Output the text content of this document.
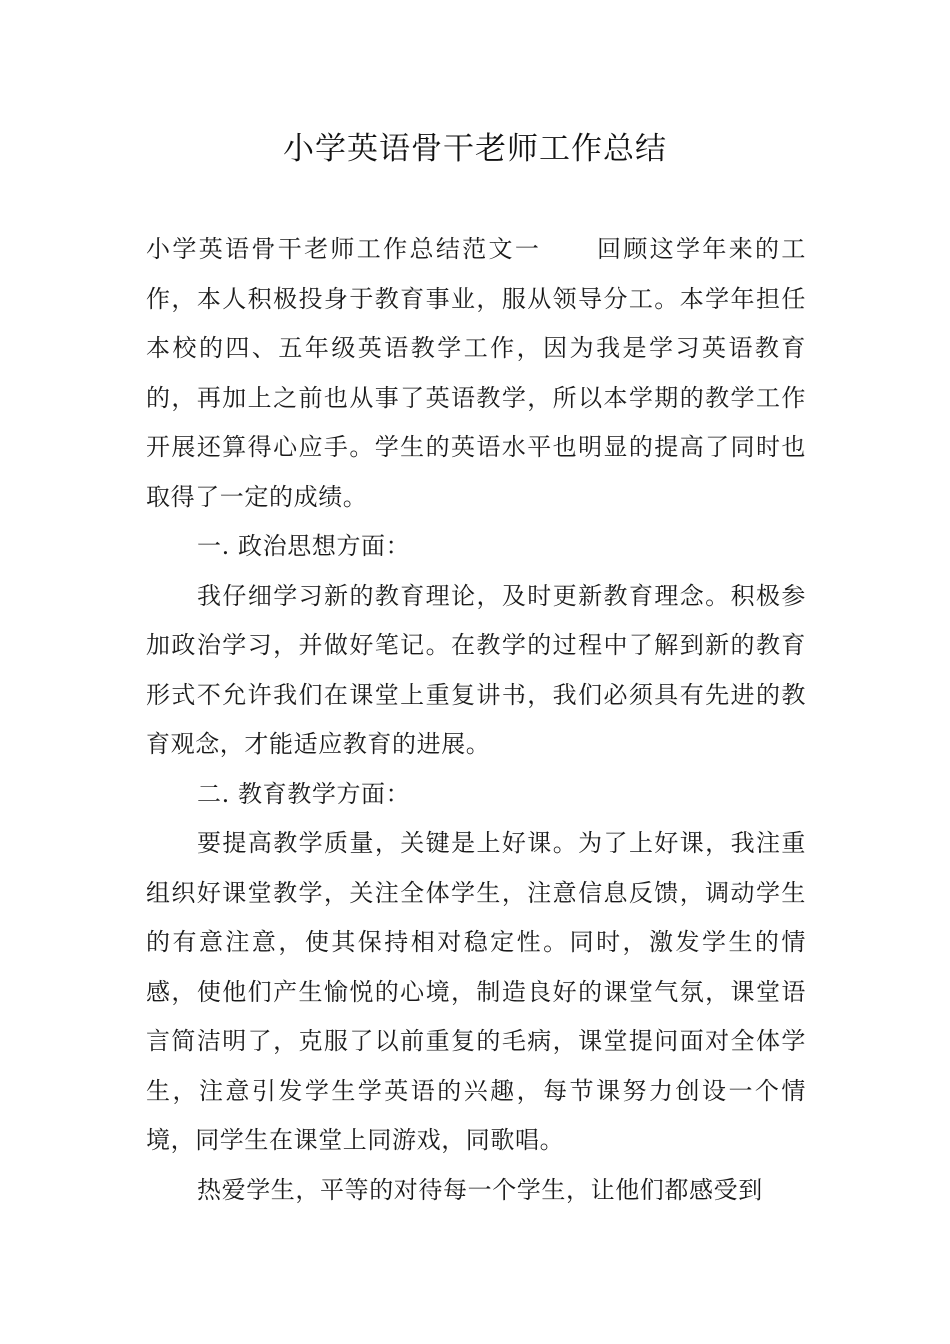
小学英语骨干老师工作总结

小学英语骨干老师工作总结范文一 回顾这学年来的工作，本人积极投身于教育事业，服从领导分工。本学年担任本校的四、五年级英语教学工作，因为我是学习英语教育的，再加上之前也从事了英语教学，所以本学期的教学工作开展还算得心应手。学生的英语水平也明显的提高了同时也取得了一定的成绩。

一. 政治思想方面：

我仔细学习新的教育理论，及时更新教育理念。积极参加政治学习，并做好笔记。在教学的过程中了解到新的教育形式不允许我们在课堂上重复讲书，我们必须具有先进的教育观念，才能适应教育的进展。

二. 教育教学方面：

要提高教学质量，关键是上好课。为了上好课，我注重组织好课堂教学，关注全体学生，注意信息反馈，调动学生的有意注意，使其保持相对稳定性。同时，激发学生的情感，使他们产生愉悦的心境，制造良好的课堂气氛，课堂语言简洁明了，克服了以前重复的毛病，课堂提问面对全体学生，注意引发学生学英语的兴趣，每节课努力创设一个情境，同学生在课堂上同游戏，同歌唱。

热爱学生，平等的对待每一个学生，让他们都感受到
